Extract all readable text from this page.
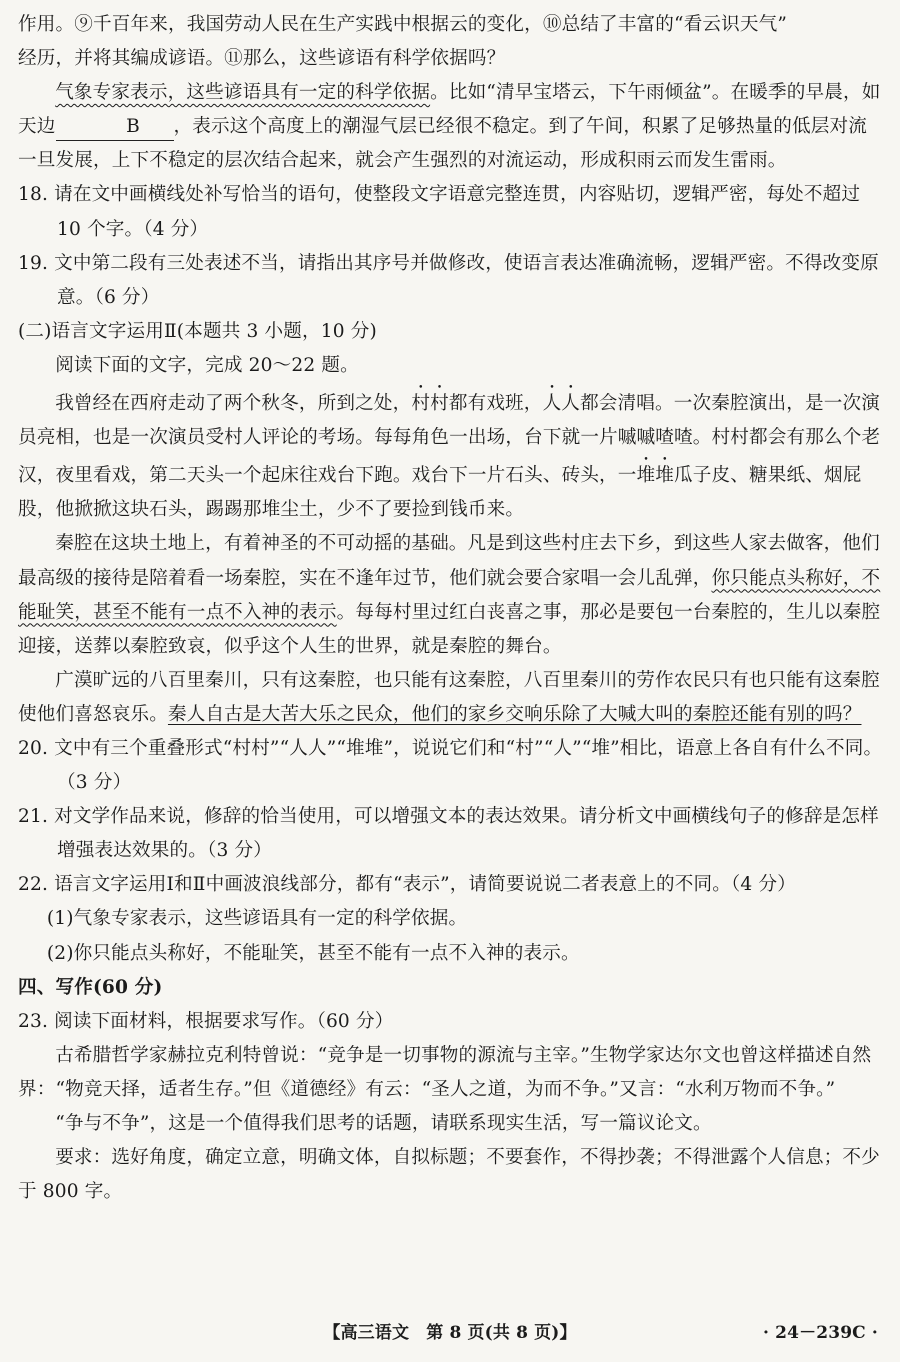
作用。⑨千百年来，我国劳动人民在生产实践中根据云的变化，⑩总结了丰富的“看云识天气”
经历，并将其编成谚语。⑪那么，这些谚语有科学依据吗？

气象专家表示，这些谚语具有一定的科学依据。比如“清早宝塔云，下午雨倾盆”。在暖季的早晨，如天边	B ，表示这个高度上的潮湿气层已经很不稳定。到了午间，积累了足够热量的低层对流一旦发展，上下不稳定的层次结合起来，就会产生强烈的对流运动，形成积雨云而发生雷雨。

18. 请在文中画横线处补写恰当的语句，使整段文字语意完整连贯，内容贴切，逻辑严密，每处不超过 10 个字。（4 分）

19. 文中第二段有三处表述不当，请指出其序号并做修改，使语言表达准确流畅，逻辑严密。不得改变原意。（6 分）

(二)语言文字运用Ⅱ(本题共 3 小题，10 分)

阅读下面的文字，完成 20～22 题。

我曾经在西府走动了两个秋冬，所到之处，村村都有戏班，人人都会清唱。一次秦腔演出，是一次演员亮相，也是一次演员受村人评论的考场。每每角色一出场，台下就一片嘁嘁喳喳。村村都会有那么个老汉，夜里看戏，第二天头一个起床往戏台下跑。戏台下一片石头、砖头，一堆堆瓜子皮、糖果纸、烟屁股，他掀掀这块石头，踢踢那堆尘土，少不了要捡到钱币来。

秦腔在这块土地上，有着神圣的不可动摇的基础。凡是到这些村庄去下乡，到这些人家去做客，他们最高级的接待是陪着看一场秦腔，实在不逢年过节，他们就会要合家唱一会儿乱弹，你只能点头称好，不能耻笑，甚至不能有一点不入神的表示。每每村里过红白丧喜之事，那必是要包一台秦腔的，生儿以秦腔迎接，送葬以秦腔致哀，似乎这个人生的世界，就是秦腔的舞台。

广漠旷远的八百里秦川，只有这秦腔，也只能有这秦腔，八百里秦川的劳作农民只有也只能有这秦腔使他们喜怒哀乐。秦人自古是大苦大乐之民众，他们的家乡交响乐除了大喊大叫的秦腔还能有别的吗？

20. 文中有三个重叠形式“村村”“人人”“堆堆”，说说它们和“村”“人”“堆”相比，语意上各自有什么不同。（3 分）

21. 对文学作品来说，修辞的恰当使用，可以增强文本的表达效果。请分析文中画横线句子的修辞是怎样增强表达效果的。（3 分）

22. 语言文字运用Ⅰ和Ⅱ中画波浪线部分，都有“表示”，请简要说说二者表意上的不同。（4 分）

(1)气象专家表示，这些谚语具有一定的科学依据。

(2)你只能点头称好，不能耻笑，甚至不能有一点不入神的表示。

四、写作(60 分)

23. 阅读下面材料，根据要求写作。（60 分）

古希腊哲学家赫拉克利特曾说：“竞争是一切事物的源流与主宰。”生物学家达尔文也曾这样描述自然界：“物竞天择，适者生存。”但《道德经》有云：“圣人之道，为而不争。”又言：“水利万物而不争。”

“争与不争”，这是一个值得我们思考的话题，请联系现实生活，写一篇议论文。

要求：选好角度，确定立意，明确文体，自拟标题；不要套作，不得抄袭；不得泄露个人信息；不少于 800 字。

【高三语文　第 8 页(共 8 页)】	· 24－239C ·
